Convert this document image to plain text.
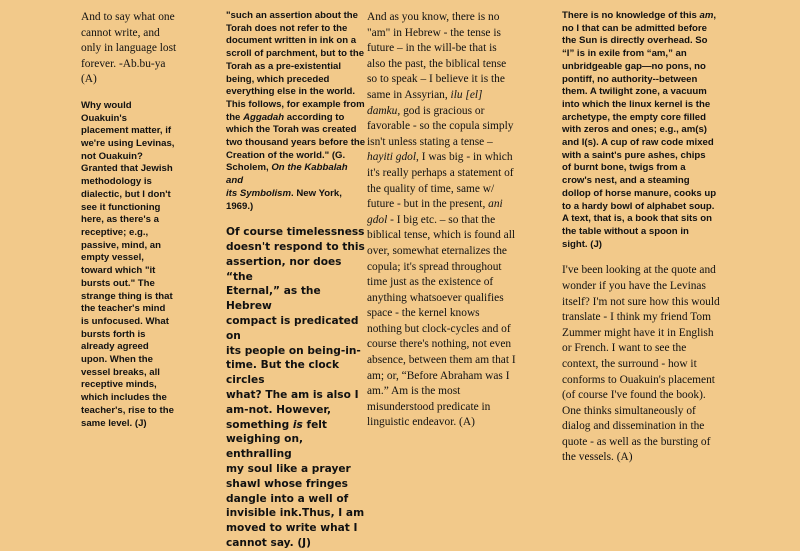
And to say what one
cannot write, and
only in language lost
forever. -Ab.bu-ya
(A)

Why would
Ouakuin's
placement matter, if
we're using Levinas,
not Ouakuin?
Granted that Jewish
methodology is
dialectic, but I don't
see it functioning
here, as there's a
receptive; e.g.,
passive, mind, an
empty vessel,
toward which "it
bursts out." The
strange thing is that
the teacher's mind
is unfocused. What
bursts forth is
already agreed
upon. When the
vessel breaks, all
receptive minds,
which includes the
teacher's, rise to the
same level. (J)

"such an assertion about the
Torah does not refer to the
document written in ink on a
scroll of parchment, but to the
Torah as a pre-existential
being, which preceded
everything else in the world.
This follows, for example from
the Aggadah according to
which the Torah was created
two thousand years before the
Creation of the world." (G.
Scholem, On the Kabbalah and
its Symbolism. New York,
1969.)

Of course timelessness
doesn't respond to this
assertion, nor does “the
Eternal,” as the Hebrew
compact is predicated on
its people on being-in-
time. But the clock circles
what? The am is also I
am-not. However,
something is felt
weighing on, enthralling
my soul like a prayer
shawl whose fringes
dangle into a well of
invisible ink.Thus, I am
moved to write what I
cannot say. (J)

And as you know, there is no
"am" in Hebrew - the tense is
future – in the will-be that is
also the past, the biblical tense
so to speak – I believe it is the
same in Assyrian, ilu [el]
damku, god is gracious or
favorable - so the copula simply
isn't unless stating a tense –
hayiti gdol, I was big - in which
it's really perhaps a statement of
the quality of time, same w/
future - but in the present, ani
gdol - I big etc. – so that the
biblical tense, which is found all
over, somewhat eternalizes the
copula; it's spread throughout
time just as the existence of
anything whatsoever qualifies
space - the kernel knows
nothing but clock-cycles and of
course there's nothing, not even
absence, between them am that I
am; or, “Before Abraham was I
am.” Am is the most
misunderstood predicate in
linguistic endeavor. (A)

There is no knowledge of this am,
no I that can be admitted before
the Sun is directly overhead. So
“I” is in exile from “am,” an
unbridgeable gap—no pons, no
pontiff, no authority--between
them. A twilight zone, a vacuum
into which the linux kernel is the
archetype, the empty core filled
with zeros and ones; e.g., am(s)
and I(s). A cup of raw code mixed
with a saint's pure ashes, chips
of burnt bone, twigs from a
crow's nest, and a steaming
dollop of horse manure, cooks up
to a hardy bowl of alphabet soup.
A text, that is, a book that sits on
the table without a spoon in
sight. (J)

I've been looking at the quote and
wonder if you have the Levinas
itself? I'm not sure how this would
translate - I think my friend Tom
Zummer might have it in English
or French. I want to see the
context, the surround - how it
conforms to Ouakuin's placement
(of course I've found the book).
One thinks simultaneously of
dialog and dissemination in the
quote - as well as the bursting of
the vessels. (A)
